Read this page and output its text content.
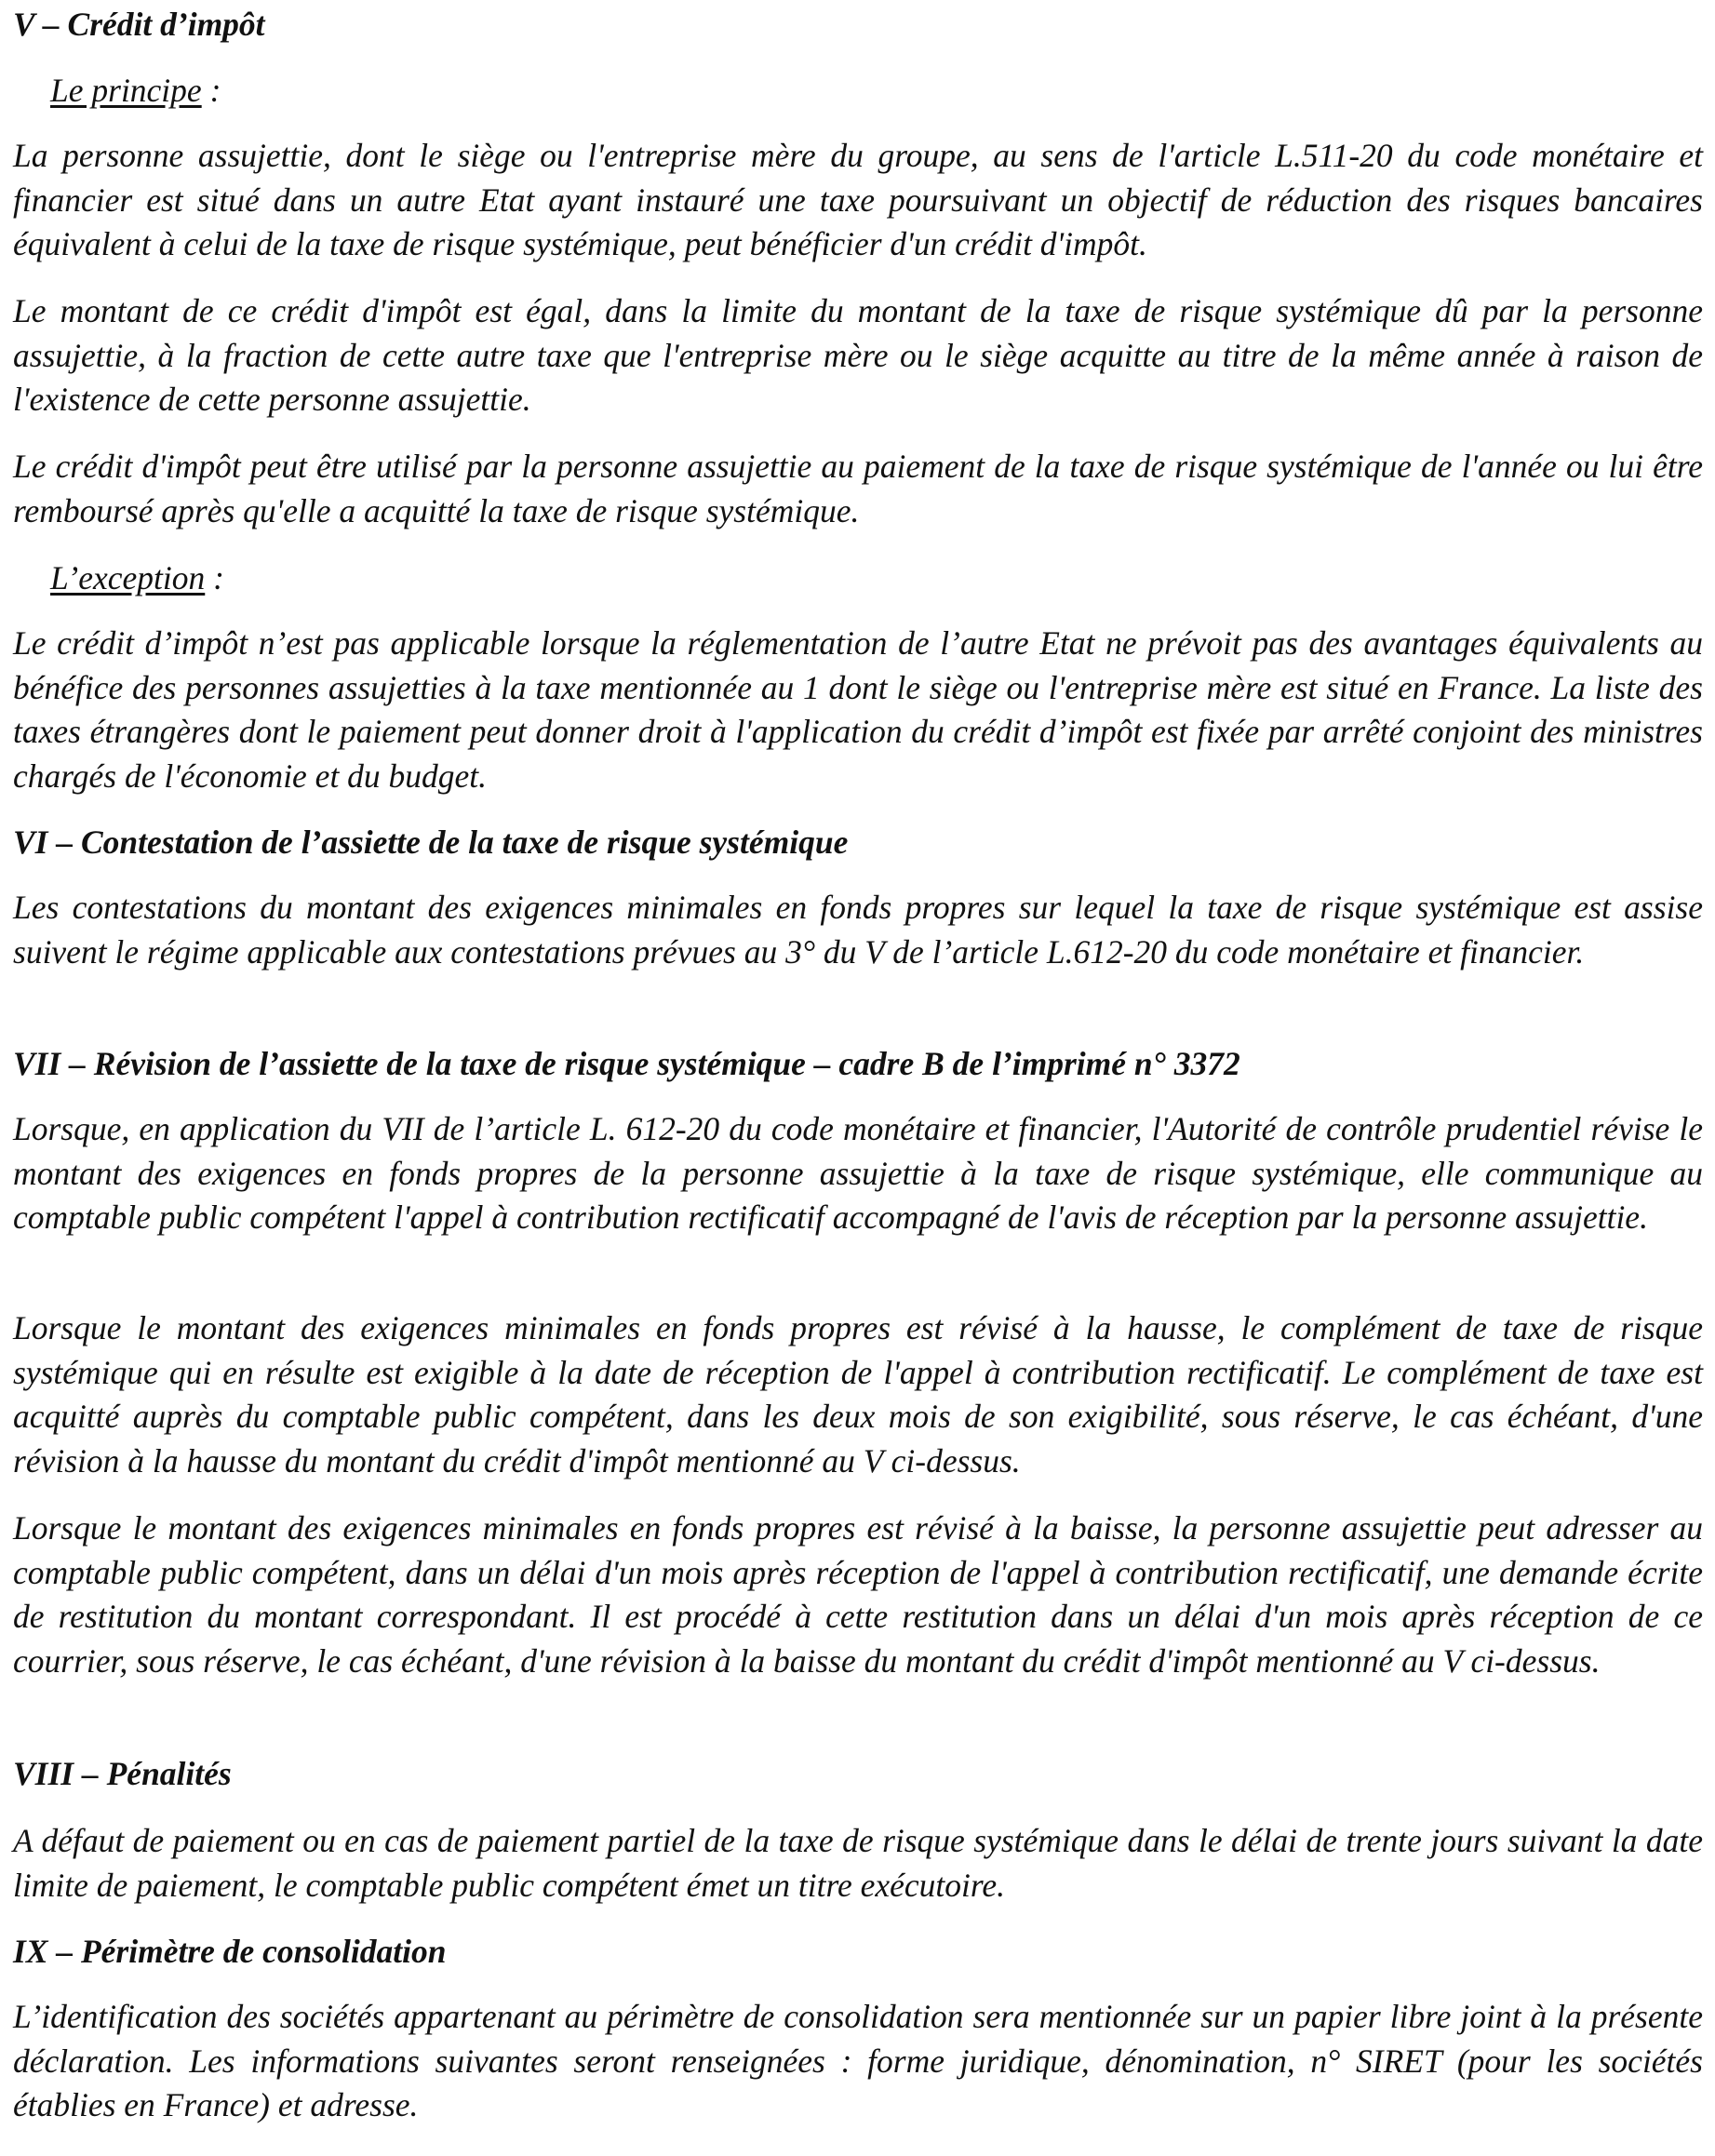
V – Crédit d’impôt
Le principe :

La personne assujettie, dont le siège ou l'entreprise mère du groupe, au sens de l'article L.511-20 du code monétaire et financier est situé dans un autre Etat ayant instauré une taxe poursuivant un objectif de réduction des risques bancaires équivalent à celui de la taxe de risque systémique, peut bénéficier d'un crédit d'impôt.

Le montant de ce crédit d'impôt est égal, dans la limite du montant de la taxe de risque systémique dû par la personne assujettie, à la fraction de cette autre taxe que l'entreprise mère ou le siège acquitte au titre de la même année à raison de l'existence de cette personne assujettie.

Le crédit d'impôt peut être utilisé par la personne assujettie au paiement de la taxe de risque systémique de l'année ou lui être remboursé après qu'elle a acquitté la taxe de risque systémique.

L’exception :

Le crédit d’impôt n’est pas applicable lorsque la réglementation de l’autre Etat ne prévoit pas des avantages équivalents au bénéfice des personnes assujetties à la taxe mentionnée au 1 dont le siège ou l'entreprise mère est situé en France. La liste des taxes étrangères dont le paiement peut donner droit à l'application du crédit d’impôt est fixée par arrêté conjoint des ministres chargés de l'économie et du budget.

VI – Contestation de l’assiette de la taxe de risque systémique

Les contestations du montant des exigences minimales en fonds propres sur lequel la taxe de risque systémique est assise suivent le régime applicable aux contestations prévues au 3° du V de l’article L.612-20 du code monétaire et financier.

VII – Révision de l’assiette de la taxe de risque systémique – cadre B de l’imprimé n° 3372

Lorsque, en application du VII de l’article L. 612-20 du code monétaire et financier, l'Autorité de contrôle prudentiel révise le montant des exigences en fonds propres de la personne assujettie à la taxe de risque systémique, elle communique au comptable public compétent l'appel à contribution rectificatif accompagné de l'avis de réception par la personne assujettie.

Lorsque le montant des exigences minimales en fonds propres est révisé à la hausse, le complément de taxe de risque systémique qui en résulte est exigible à la date de réception de l'appel à contribution rectificatif. Le complément de taxe est acquitté auprès du comptable public compétent, dans les deux mois de son exigibilité, sous réserve, le cas échéant, d'une révision à la hausse du montant du crédit d'impôt mentionné au V ci-dessus.

Lorsque le montant des exigences minimales en fonds propres est révisé à la baisse, la personne assujettie peut adresser au comptable public compétent, dans un délai d'un mois après réception de l'appel à contribution rectificatif, une demande écrite de restitution du montant correspondant. Il est procédé à cette restitution dans un délai d'un mois après réception de ce courrier, sous réserve, le cas échéant, d'une révision à la baisse du montant du crédit d'impôt mentionné au V ci-dessus.

VIII – Pénalités

A défaut de paiement ou en cas de paiement partiel de la taxe de risque systémique dans le délai de trente jours suivant la date limite de paiement, le comptable public compétent émet un titre exécutoire.

IX – Périmètre de consolidation

L’identification des sociétés appartenant au périmètre de consolidation sera mentionnée sur un papier libre joint à la présente déclaration. Les informations suivantes seront renseignées : forme juridique, dénomination, n° SIRET (pour les sociétés établies en France) et adresse.
